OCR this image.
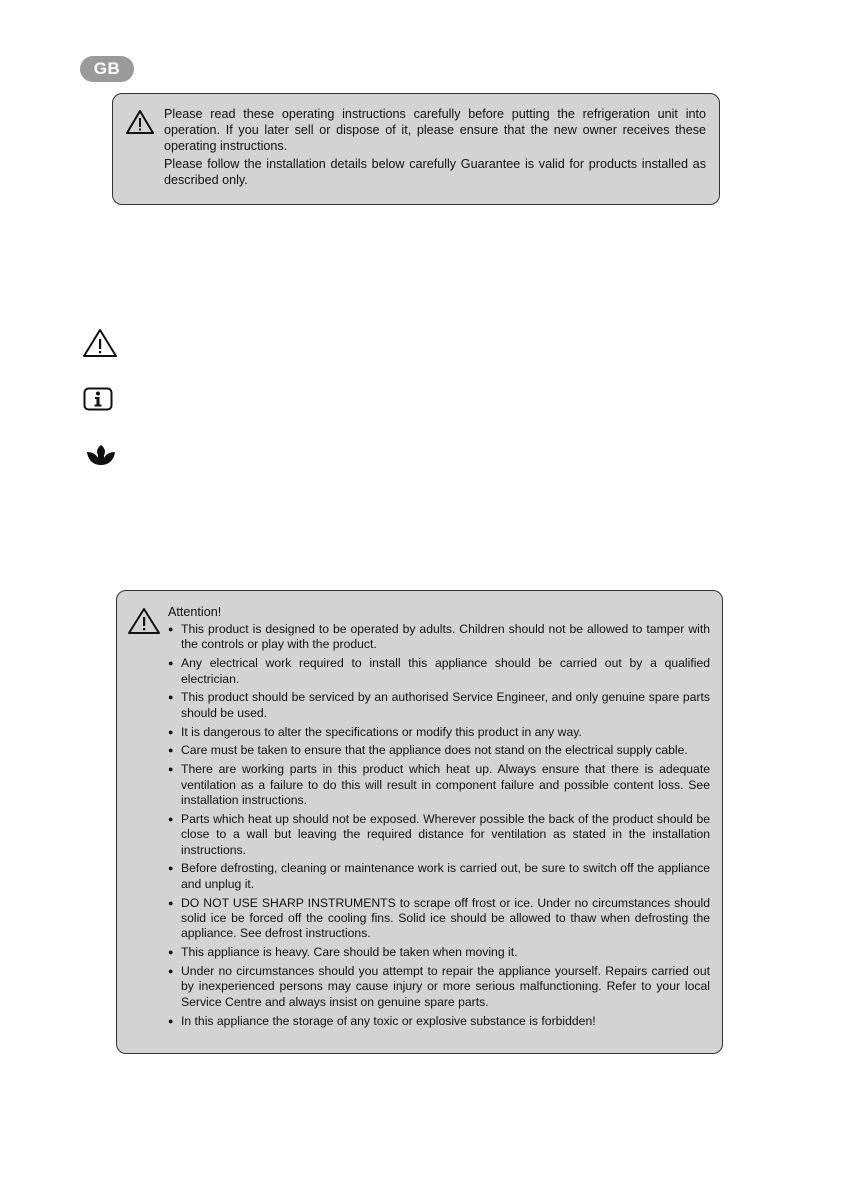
GB

Please read these operating instructions carefully before putting the refrigeration unit into operation. If you later sell or dispose of it, please ensure that the new owner receives these operating instructions.

Please follow the installation details below carefully Guarantee is valid for products installed as described only.

Attention!
● This product is designed to be operated by adults. Children should not be allowed to tamper with the controls or play with the product.
● Any electrical work required to install this appliance should be carried out by a qualified electrician.
● This product should be serviced by an authorised Service Engineer, and only genuine spare parts should be used.
● It is dangerous to alter the specifications or modify this product in any way.
● Care must be taken to ensure that the appliance does not stand on the electrical supply cable.
● There are working parts in this product which heat up. Always ensure that there is adequate ventilation as a failure to do this will result in component failure and possible content loss. See installation instructions.
● Parts which heat up should not be exposed. Wherever possible the back of the product should be close to a wall but leaving the required distance for ventilation as stated in the installation instructions.
● Before defrosting, cleaning or maintenance work is carried out, be sure to switch off the appliance and unplug it.
● DO NOT USE SHARP INSTRUMENTS to scrape off frost or ice. Under no circumstances should solid ice be forced off the cooling fins. Solid ice should be allowed to thaw when defrosting the appliance. See defrost instructions.
● This appliance is heavy. Care should be taken when moving it.
● Under no circumstances should you attempt to repair the appliance yourself. Repairs carried out by inexperienced persons may cause injury or more serious malfunctioning. Refer to your local Service Centre and always insist on genuine spare parts.
● In this appliance the storage of any toxic or explosive substance is forbidden!
